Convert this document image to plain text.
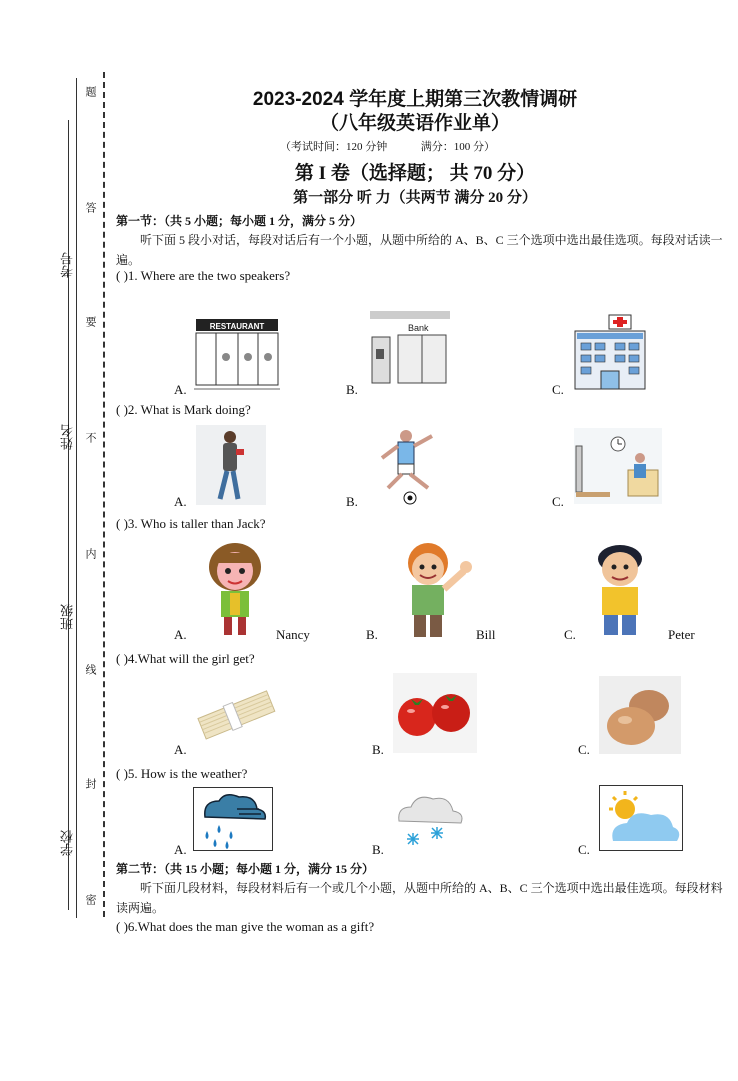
题
答
要
不
内
线
封
密
考号
姓名
班级
学校
2023-2024 学年度上期第三次教情调研
（八年级英语作业单）
（考试时间：120 分钟	满分：100 分）
第 I 卷（选择题； 共 70 分）
第一部分 听 力（共两节 满分 20 分）
第一节：（共 5 小题；每小题 1 分，满分 5 分）
听下面 5 段小对话，每段对话后有一个小题，从题中所给的 A、B、C 三个选项中选出最佳选项。每段对话读一遍。
( )1. Where are the two speakers?
A.	B.	C.
RESTAURANT	Bank
( )2. What is Mark doing?
A.	B.	C.
( )3. Who is taller than Jack?
A.	Nancy	B.	Bill	C.	Peter
( )4.What will the girl get?
A.	B.	C.
( )5. How is the weather?
A.	B.	C.
第二节：（共 15 小题；每小题 1 分，满分 15 分）
听下面几段材料，每段材料后有一个或几个小题，从题中所给的 A、B、C 三个选项中选出最佳选项。每段材料读两遍。
( )6.What does the man give the woman as a gift?
